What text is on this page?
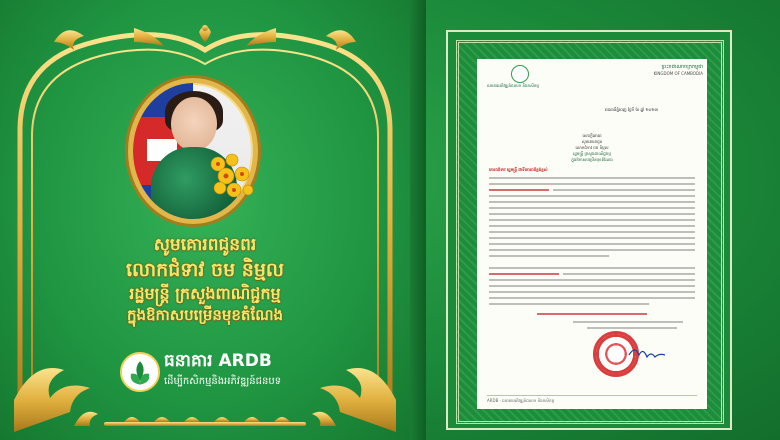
សូមគោរពជូនពរ
លោកជំទាវ ចម និម្មល
រដ្ឋមន្ត្រី ក្រសួងពាណិជ្ជកម្ម
ក្នុងឱកាសបម្រើនមុខតំណែង
ធនាគារ ARDB
ដើម្បីកសិកម្មនិងអភិវឌ្ឍន៍ជនបទ
ព្រះរាជាណាចក្រកម្ពុជា
KINGDOM OF CAMBODIA
ធនាគារអភិវឌ្ឍន៍ជនបទ និងកសិកម្ម
រាជធានីភ្នំពេញ ថ្ងៃទី ខែ ឆ្នាំ ២០២៣
សេចក្ដីគោរព
សូមគោរពជូន
លោកជំទាវ ចម និម្មល
រដ្ឋមន្ត្រី ក្រសួងពាណិជ្ជកម្ម
ក្នុងឱកាសបម្រើនមុខតំណែង
គោរពជំទាវ រដ្ឋមន្ត្រី ជាទីគោរពដ៏ខ្ពង់ខ្ពស់
ARDB · ធនាគារអភិវឌ្ឍន៍ជនបទ និងកសិកម្ម
